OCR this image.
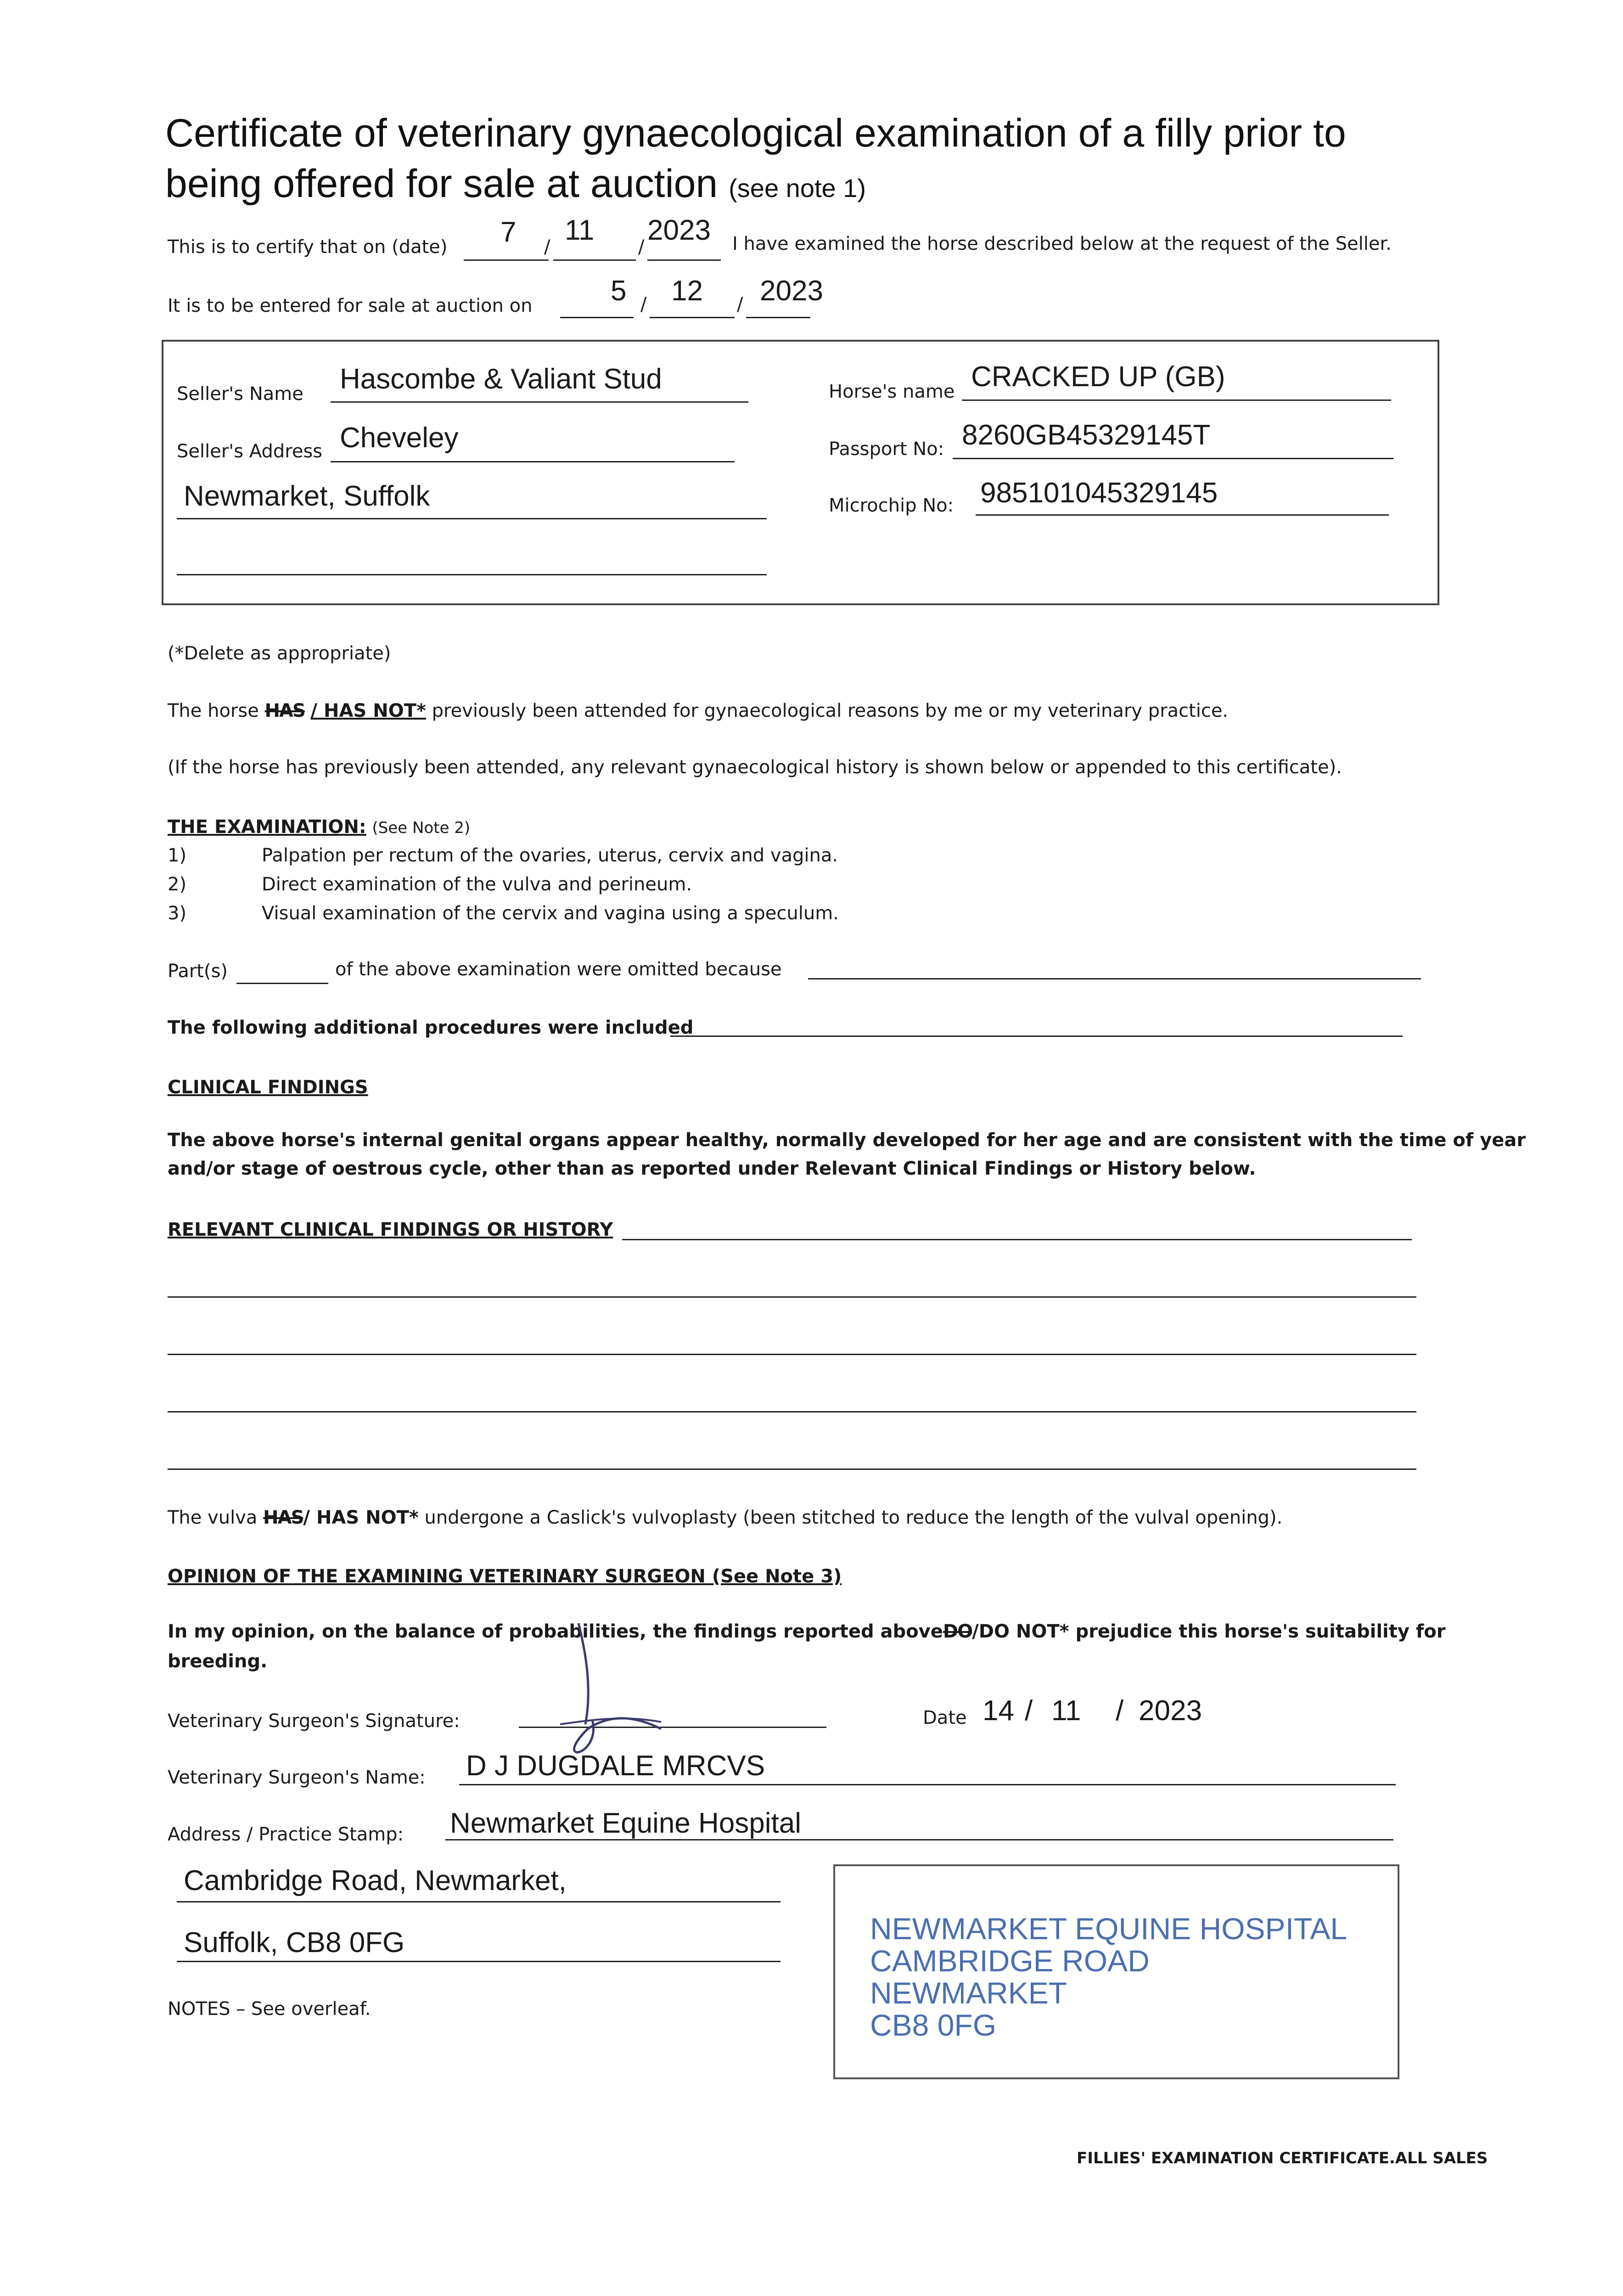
Certificate of veterinary gynaecological examination of a filly prior to
being offered for sale at auction (see note 1)
This is to certify that on (date) 7 /
11
/
2023 I have examined the horse described below at the request of the Seller.
It is to be entered for sale at auction on	5 / 12 / 2023
Seller's Name Hascombe & Valiant Stud
Seller's Address Cheveley
Newmarket, Suffolk
Horse's name CRACKED UP (GB)
Passport No: 8260GB45329145T
Microchip No: 985101045329145
(*Delete as appropriate)
The horse HAS / HAS NOT* previously been attended for gynaecological reasons by me or my veterinary practice.
(If the horse has previously been attended, any relevant gynaecological history is shown below or appended to this certificate).
THE EXAMINATION: (See Note 2)
1)	Palpation per rectum of the ovaries, uterus, cervix and vagina.
2)	Direct examination of the vulva and perineum.
3)	Visual examination of the cervix and vagina using a speculum.
Part(s)	of the above examination were omitted because
The following additional procedures were included
CLINICAL FINDINGS
The above horse's internal genital organs appear healthy, normally developed for her age and are consistent with the time of year
and/or stage of oestrous cycle, other than as reported under Relevant Clinical Findings or History below.
RELEVANT CLINICAL FINDINGS OR HISTORY
The vulva HAS/ HAS NOT* undergone a Caslick's vulvoplasty (been stitched to reduce the length of the vulval opening).
OPINION OF THE EXAMINING VETERINARY SURGEON (See Note 3)
In my opinion, on the balance of probabilities, the findings reported aboveDO/DO NOT* prejudice this horse's suitability for
breeding.
Veterinary Surgeon's Signature:	Date 14 / 11 / 2023
Veterinary Surgeon's Name: D J DUGDALE MRCVS
Address / Practice Stamp: Newmarket Equine Hospital
Cambridge Road, Newmarket,
Suffolk, CB8 0FG	NEWMARKET EQUINE HOSPITAL
CAMBRIDGE ROAD
NEWMARKET
CB8 0FG
NOTES – See overleaf.
FILLIES' EXAMINATION CERTIFICATE.ALL SALES
